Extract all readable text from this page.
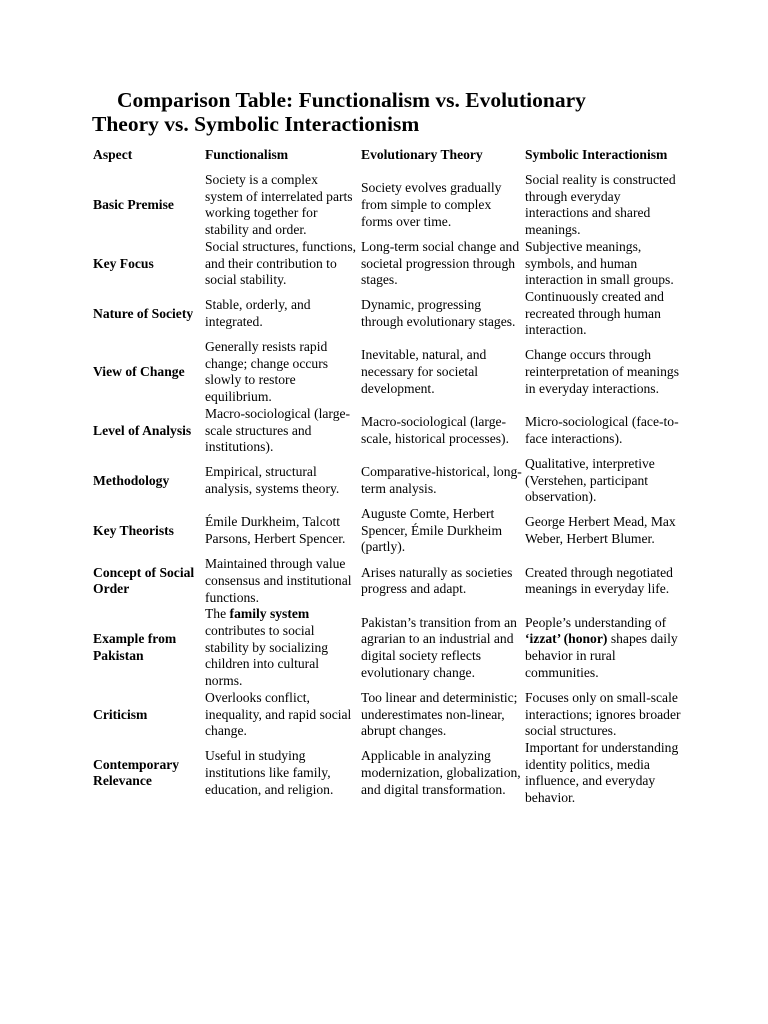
Comparison Table: Functionalism vs. Evolutionary
Theory vs. Symbolic Interactionism
Aspect	Functionalism	Evolutionary Theory	Symbolic Interactionism
Basic Premise	Society is a complex system of interrelated parts working together for stability and order.	Society evolves gradually from simple to complex forms over time.	Social reality is constructed through everyday interactions and shared meanings.
Key Focus	Social structures, functions, and their contribution to social stability.	Long-term social change and societal progression through stages.	Subjective meanings, symbols, and human interaction in small groups.
Nature of Society	Stable, orderly, and integrated.	Dynamic, progressing through evolutionary stages.	Continuously created and recreated through human interaction.
View of Change	Generally resists rapid change; change occurs slowly to restore equilibrium.	Inevitable, natural, and necessary for societal development.	Change occurs through reinterpretation of meanings in everyday interactions.
Level of Analysis	Macro-sociological (large-scale structures and institutions).	Macro-sociological (large-scale, historical processes).	Micro-sociological (face-to-face interactions).
Methodology	Empirical, structural analysis, systems theory.	Comparative-historical, long-term analysis.	Qualitative, interpretive (Verstehen, participant observation).
Key Theorists	Émile Durkheim, Talcott Parsons, Herbert Spencer.	Auguste Comte, Herbert Spencer, Émile Durkheim (partly).	George Herbert Mead, Max Weber, Herbert Blumer.
Concept of Social Order	Maintained through value consensus and institutional functions.	Arises naturally as societies progress and adapt.	Created through negotiated meanings in everyday life.
Example from Pakistan	The family system contributes to social stability by socializing children into cultural norms.	Pakistan’s transition from an agrarian to an industrial and digital society reflects evolutionary change.	People’s understanding of ‘izzat’ (honor) shapes daily behavior in rural communities.
Criticism	Overlooks conflict, inequality, and rapid social change.	Too linear and deterministic; underestimates non-linear, abrupt changes.	Focuses only on small-scale interactions; ignores broader social structures.
Contemporary Relevance	Useful in studying institutions like family, education, and religion.	Applicable in analyzing modernization, globalization, and digital transformation.	Important for understanding identity politics, media influence, and everyday behavior.
